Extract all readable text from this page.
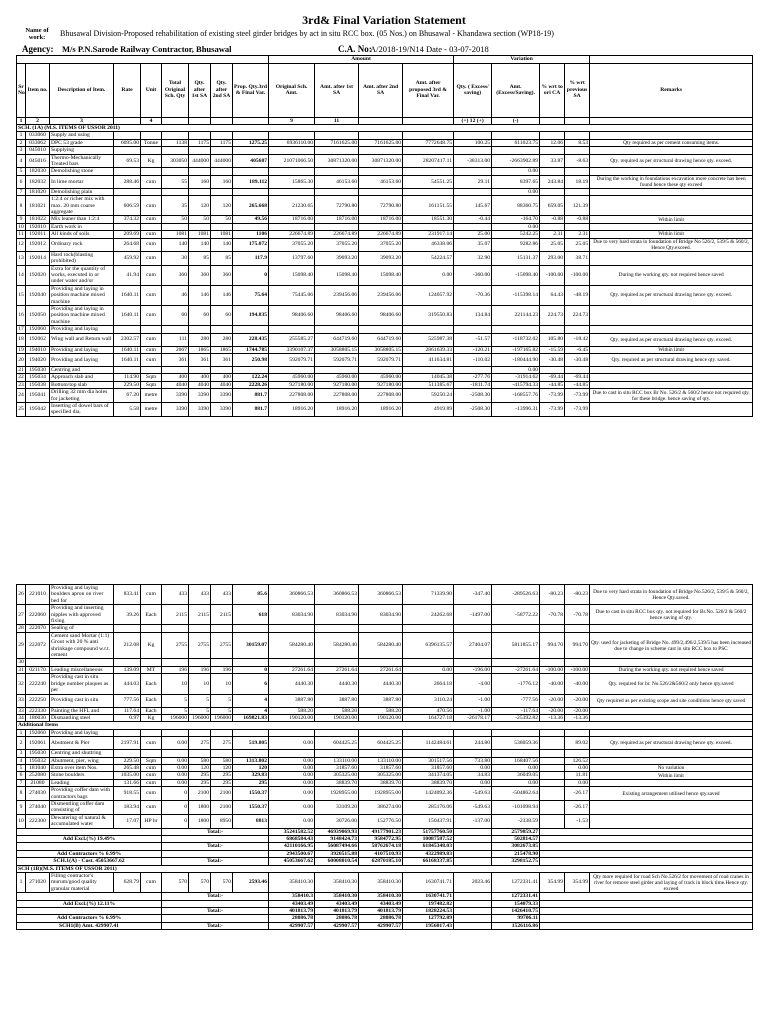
3rd& Final Variation Statement
Name of work:	Bhusawal Division-Proposed rehabilitation of existing steel girder bridges by act in situ RCC box. (05 Nos.) on Bhusawal - Khandawa section (WP18-19)
Agency: M/s P.N.Sarode Railway Contractor, Bhusawal	C.A. No:
A/2018-19/N14 Date - 03-07-2018
									Amount				Variation				
Sr No	Item no.	Description of Item.	Rate	Unit	Total Original Sch. Qty	Qty. after 1st SA	Qty. after 2nd SA	Prop. Qty.3rd & Final Var.	Original Sch. Amt.	Amt. after 1st SA	Amt. after 2nd SA	Amt. after proposed 3rd & Final Var.	Qty. ( Excess/ saving)	Amt. (Excess/Saving).	% wrt to ori CA	% wrt previous SA	Remarks
1	2	3		4					9	11			(+) 12 (+)	(-)			
SCH. (1A) (M.S. ITEMS OF USSOR 2011)																	
1	033060	Supply and using															
2	033062	DPC 53 grade	6095.00	Tonne	1138	1175	1175	1275.25	6936110.00	7161625.00	7161625.00	7772648.75	100.25	611023.75	12.06	8.53	Qty required as per cement consuming items.
3	045010	Supplying															
4	045016	Thermo-Mechanically Treated bars	69.53	Kg	303050	444000	444000	405687	21071066.50	30871320.00	30871320.00	28207417.11	-38313.00	-2663902.89	33.87	-8.63	Qty. required as per structural drawing hence qty. exceed.
5	182030	Demolishing stone												0.00			
6	182032	In lime mortar	288.46	cum	55	160	160	189.112	15865.30	46153.60	46153.60	54551.25	29.11	8397.65	243.84	18.19	During the working in foundations excavation more concrete has been found hence these qty exceed
7	181020	Demolishing plain												0.00			
8	181021	1:2:4 or richer mix with max. 20 mm coarse aggregate	606.59	cum	35	120	120	265.668	21230.65	72790.80	72790.80	161151.55	145.67	88360.75	659.05	121.39	
9	181022	Mix leaner than 1:2:4	374.32	cum	50	50	50	49.56	18716.00	18716.00	18716.00	18551.30	-0.44	-164.70	-0.88	-0.88	Within limit
10	192010	Earth work in												0.00			
11	192011	All kinds of soils	209.69	cum	1081	1081	1081	1106	226674.89	226674.89	226674.89	231917.14	25.00	5242.25	2.31	2.31	Within limit
12	192012	Ordinary rock	264.68	cum	140	140	140	175.072	37055.20	37055.20	37055.20	46338.06	35.07	9282.86	25.05	25.05	Due to very hard strata in foundation of Bridge No 526/2, 539/5 & 560/2, Hence Qty.exceed.
13	192014	Hard rock(blasting prohibited)	459.92	cum	30	85	85	117.9	13797.60	39093.20	39093.20	54224.57	32.90	15131.37	293.00	38.71	
14	192020	Extra for the quantity of works, executed in or under water and/or	41.94	cum	360	360	360	0	15098.40	15098.40	15098.40	0.00	-360.00	-15098.40	-100.00	-100.00	During the working qty. not required hence saved
15	192040	Providing and laying in position machine mixed machine	1640.11	cum	46	146	146	75.64	75445.06	239456.06	239456.06	124057.92	-70.36	-115398.14	64.43	-48.19	Qty. required as per structural drawing hence qty. exceed.
16	192050	Providing and laying in position machine mixed machine	1640.11	cum	60	60	60	194.835	98406.60	98406.60	98406.60	319550.83	134.84	221144.23	224.73	224.73	
17	192060	Providing and laying															
18	192062	Wing wall and Return wall	2302.57	cum	111	280	280	228.435	255585.27	644719.60	644719.60	525987.38	-51.57	-118732.02	105.80	-18.42	Qty. required as per structural drawing hence qty. exceed.
19	194010	Providing and laying	1640.11	cum	2067	1865	1865	1744.785	3390107.37	3058805.15	3058805.15	2861639.33	-120.21	-197165.82	-15.59	-6.45	Within limit
20	194020	Providing and laying	1640.11	cum	361	361	361	250.98	592079.71	592079.71	592079.71	411634.81	-110.02	-180444.90	-30.48	-30.48	Qty. required as per structural drawing hence qty. saved.
21	195030	Centring and												0.00			
22	195034	Approach slab and	114.90	Sqm	400	400	400	122.24	45960.00	45960.00	45960.00	14045.38	-277.76	-31914.62	-69.44	-69.44	
23	195038	Bottom/top slab	229.50	Sqm	4040	4040	4040	2228.26	927180.00	927180.00	927180.00	511385.67	-1811.74	-415794.33	-44.85	-44.85	
24	195041	Drilling 32 mm dia holes for jacketing	67.20	metre	3390	3390	3390	881.7	227808.00	227808.00	227808.00	59250.24	-2508.30	-168557.76	-73.99	-73.99	Due to cast in situ RCC box Br No. 526/2 & 560/2 hence not required qty. for these bridge. hence saving of qty.
25	195042	Inserting of dowel bars of specified dia.	5.58	metre	3390	3390	3390	881.7	18916.20	18916.20	18916.20	4919.89	-2508.30	-13996.31	-73.99	-73.99	
26	221010	Providing and laying boulders apron on river bed for	833.41	cum	433	433	433	85.6	360866.53	360866.53	360866.53	71339.90	-347.40	-289526.63	-80.23	-80.23	Due to very hard strata in foundation of Bridge No.526/2, 539/5 & 560/2, Hence Qty.saved.
27	222060	Providing and inserting nipples with approved fixing	39.26	Each	2115	2115	2115	618	83034.90	83034.90	83034.90	24262.68	-1497.00	-58772.22	-70.78	-70.78	Due to cast in situ RCC box qty. not required for Br.No. 526/2 & 560/2 hence saving of qty.
28	222070	Sealing of															
29	222072	Cement sand Mortar (1:1) Grout with 20 % anti shrinkage compound w.r.t. cement	212.08	Kg	2755	2755	2755	30159.07	584280.40	584280.40	584280.40	6396135.57	27404.07	5811855.17	994.70	994.70	Qty. used for jacketing of Bridge No. 499/2,496/2,539/5 has been increased due to change in scheme cast in situ RCC box to PSC
30																	
31	021170	Leading miscellaneous	139.09	MT	196	196	196	0	27261.64	27261.64	27261.64	0.00	-196.00	-27261.64	-100.00	-100.00	During the working qty. not required hence saved
32	222240	Providing cast in situ bridge number plaques as per	444.03	Each	10	10	10	6	4440.30	4440.30	4440.30	2664.18	-4.00	-1776.12	-40.00	-40.00	Qty. required for br. No.526/2&560/2 only hence qty.saved
33	222250	Providing cast in situ	777.56	Each	5	5	5	4	3887.80	3887.80	3887.80	3110.24	-1.00	-777.56	-20.00	-20.00	Qty required as per existing scope and site conditions hence qty saved
33	222330	Painting the HFL and	117.64	Each	5	5	5	4	588.20	588.20	588.20	470.56	-1.00	-117.64	-20.00	-20.00	
34	186030	Dismantling steel	0.97	Kg	196000	196000	196000	169821.83	190120.00	190120.00	190120.00	164727.18	-26178.17	-25392.82	-13.36	-13.36	
Additional Items																	
1	192060	Providing and laying															
2	192061	Abutment & Pier	2197.91	cum	0.00	275	275	519.805	0.00	604425.25	604425.25	1142484.61	244.80	538059.36		89.02	Qty. required as per structural drawing hence qty. exceed.
3	195030	Centring and shuttring															
4	195032	Abutment, pier, wing	229.50	Sqm	0.00	580	580	1313.802	0.00	133110.00	133110.00	301517.56	733.80	168407.56		126.52	
5	181040	Extra over item Nos.	265.48	cum	0.00	120	120	120	0.00	31857.60	31857.60	31857.60	0.00	0.00		0.00	No variation
6	252080	Stone boulders	1035.00	cum	0.00	295	295	329.83	0.00	305325.00	305325.00	341374.05	34.83	36049.05		11.81	Within limit
7	21080	Leading	131.66	cum	0.00	295	295	295	0.00	38839.70	38839.70	38839.70	0.00	0.00		0.00	
8	274030	Providing coffer dam with contractors bags	918.55	cum	0	2100	2100	1550.37	0.00	1928955.00	1928955.00	1424092.36	-549.63	-504862.64		-26.17	Existing arrangement utilised hence qty.saved
9	274040	Dismentling coffer dam consisting of	183.94	cum	0	1800	2100	1550.37	0.00	33109.20	386274.00	285176.06	-549.63	-101098.94		-26.17	
10	222300	Dewatering of natural & accumulated water	17.07	HP hr	0	1800	8950	8813	0.00	30726.00	152776.50	150437.91	-137.00	-2338.59		-1.53	
					Total:-				35241582.52	46939069.93	49177901.23	51757760.50		2579859.27			
Add Excl.(%) 19.49%									6868584.43	9148424.73	9584772.95	10087587.52		502814.57			
					Total:-				42110166.95	56087494.66	58762674.18	61845348.03		3082673.85			
Add Contractors % 6.99%									2943500.67	3920515.88	4107510.93	4322989.83		215478.90			
SCH.1(A) - Cost. 45053667.62					Total:-				45053667.62	60008010.54	62870185.10	66168337.85		3298152.75			
SCH (1B)(M.S. ITEMS OF USSOR 2011)																	
1	271020	Filling contractor's murum/good quality granular material	628.79	cum	570	570	570	2593.46	358410.30	358410.30	358410.30	1630741.71	2023.46	1272331.41	354.99	354.99	Qty more required for road Sch No.526/2 for movement of road cranes in river for remove steel girder and laying of track in block time.Hence qty. exceed
					Total:-				358410.3	358410.30	358410.30	1630741.71		1272331.41			
Add Excl.(%) 12.11%									43403.49	43403.49	43403.49	197482.82		154079.33			
					Total:-				401813.79	401813.79	401813.79	1828224.53		1426410.75			
Add Contractors % 6.99%									28086.78	28086.78	28086.78	127792.89		99706.11			
SCH1(B) Amt. 429907.41					Total:-				429907.57	429907.57	429907.57	1956017.43		1526116.86			
